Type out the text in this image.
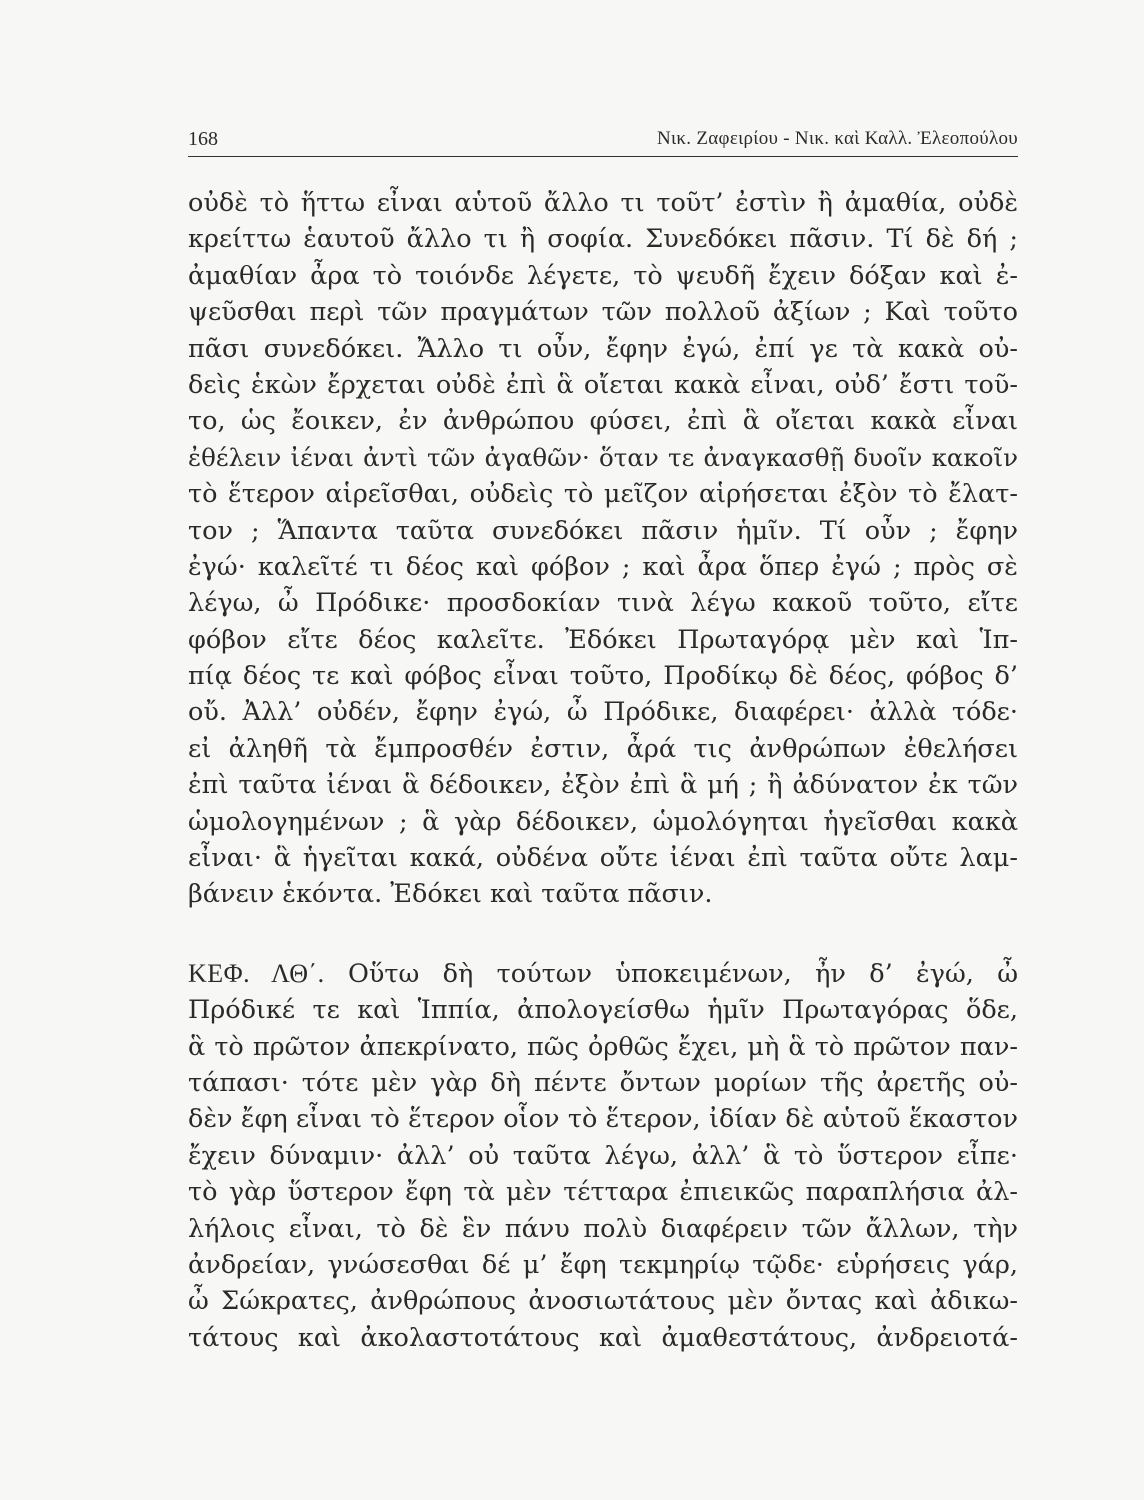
168	Νικ. Ζαφειρίου - Νικ. καὶ Καλλ. Ἐλεοπούλου
οὐδὲ τὸ ἥττω εἶναι αὑτοῦ ἄλλο τι τοῦτ’ ἐστὶν ἢ ἀμαθία, οὐδὲ
κρείττω ἑαυτοῦ ἄλλο τι ἢ σοφία. Συνεδόκει πᾶσιν. Τί δὲ δή ;
ἀμαθίαν ἆρα τὸ τοιόνδε λέγετε, τὸ ψευδῆ ἔχειν δόξαν καὶ ἐ-
ψεῦσθαι περὶ τῶν πραγμάτων τῶν πολλοῦ ἀξίων ; Καὶ τοῦτο
πᾶσι συνεδόκει. Ἄλλο τι οὖν, ἔφην ἐγώ, ἐπί γε τὰ κακὰ οὐ-
δεὶς ἑκὼν ἔρχεται οὐδὲ ἐπὶ ἃ οἴεται κακὰ εἶναι, οὐδ’ ἔστι τοῦ-
το, ὡς ἔοικεν, ἐν ἀνθρώπου φύσει, ἐπὶ ἃ οἴεται κακὰ εἶναι
ἐθέλειν ἰέναι ἀντὶ τῶν ἀγαθῶν· ὅταν τε ἀναγκασθῇ δυοῖν κακοῖν
τὸ ἕτερον αἱρεῖσθαι, οὐδεὶς τὸ μεῖζον αἱρήσεται ἐξὸν τὸ ἔλατ-
τον ; Ἅπαντα ταῦτα συνεδόκει πᾶσιν ἡμῖν. Τί οὖν ; ἔφην
ἐγώ· καλεῖτέ τι δέος καὶ φόβον ; καὶ ἆρα ὅπερ ἐγώ ; πρὸς σὲ
λέγω, ὦ Πρόδικε· προσδοκίαν τινὰ λέγω κακοῦ τοῦτο, εἴτε
φόβον εἴτε δέος καλεῖτε. Ἐδόκει Πρωταγόρᾳ μὲν καὶ Ἱπ-
πίᾳ δέος τε καὶ φόβος εἶναι τοῦτο, Προδίκῳ δὲ δέος, φόβος δ’
οὔ. Ἀλλ’ οὐδέν, ἔφην ἐγώ, ὦ Πρόδικε, διαφέρει· ἀλλὰ τόδε·
εἰ ἀληθῆ τὰ ἔμπροσθέν ἐστιν, ἆρά τις ἀνθρώπων ἐθελήσει
ἐπὶ ταῦτα ἰέναι ἃ δέδοικεν, ἐξὸν ἐπὶ ἃ μή ; ἢ ἀδύνατον ἐκ τῶν
ὡμολογημένων ; ἃ γὰρ δέδοικεν, ὡμολόγηται ἡγεῖσθαι κακὰ
εἶναι· ἃ ἡγεῖται κακά, οὐδένα οὔτε ἰέναι ἐπὶ ταῦτα οὔτε λαμ-
βάνειν ἑκόντα. Ἐδόκει καὶ ταῦτα πᾶσιν.
ΚΕΦ. ΛΘ΄. Οὕτω δὴ τούτων ὑποκειμένων, ἦν δ’ ἐγώ, ὦ
Πρόδικέ τε καὶ Ἱππία, ἀπολογείσθω ἡμῖν Πρωταγόρας ὅδε,
ἃ τὸ πρῶτον ἀπεκρίνατο, πῶς ὀρθῶς ἔχει, μὴ ἃ τὸ πρῶτον παν-
τάπασι· τότε μὲν γὰρ δὴ πέντε ὄντων μορίων τῆς ἀρετῆς οὐ-
δὲν ἔφη εἶναι τὸ ἕτερον οἷον τὸ ἕτερον, ἰδίαν δὲ αὑτοῦ ἕκαστον
ἔχειν δύναμιν· ἀλλ’ οὐ ταῦτα λέγω, ἀλλ’ ἃ τὸ ὕστερον εἶπε·
τὸ γὰρ ὕστερον ἔφη τὰ μὲν τέτταρα ἐπιεικῶς παραπλήσια ἀλ-
λήλοις εἶναι, τὸ δὲ ἓν πάνυ πολὺ διαφέρειν τῶν ἄλλων, τὴν
ἀνδρείαν, γνώσεσθαι δέ μ’ ἔφη τεκμηρίῳ τῷδε· εὑρήσεις γάρ,
ὦ Σώκρατες, ἀνθρώπους ἀνοσιωτάτους μὲν ὄντας καὶ ἀδικω-
τάτους καὶ ἀκολαστοτάτους καὶ ἀμαθεστάτους, ἀνδρειοτά-
